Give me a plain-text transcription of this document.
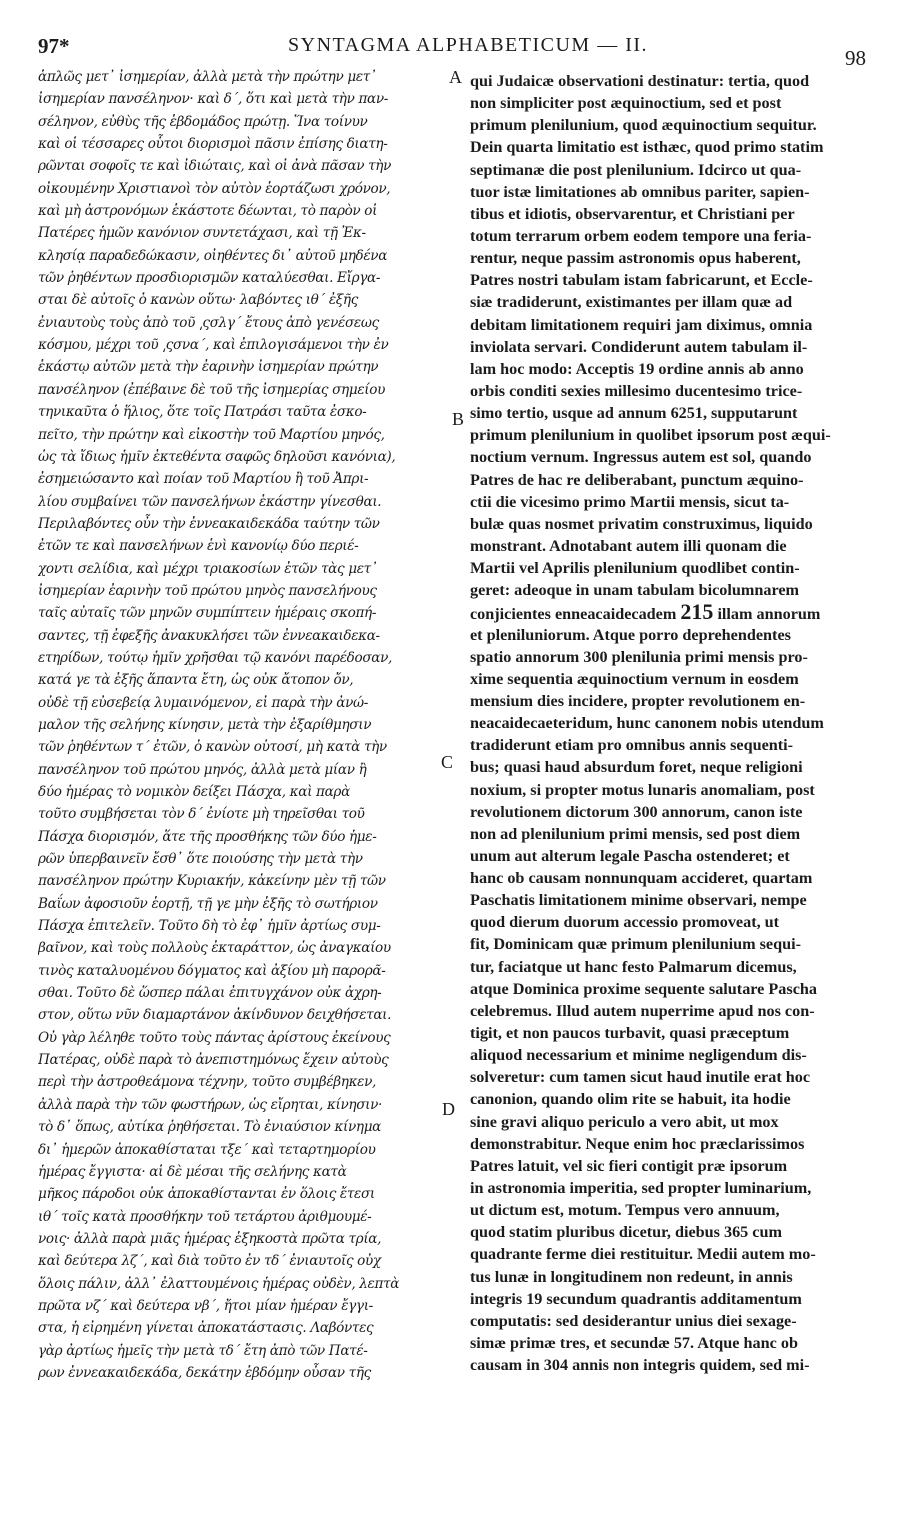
97*	SYNTAGMA ALPHABETICUM — II.
98
A
B
C
D
ἁπλῶς μετ᾽ ἰσημερίαν, ἀλλὰ μετὰ τὴν πρώτην μετ᾽
ἰσημερίαν πανσέληνον· καὶ δ΄, ὅτι καὶ μετὰ τὴν παν-
σέληνον, εὐθὺς τῆς ἑβδομάδος πρώτῃ. Ἵνα τοίνυν
καὶ οἱ τέσσαρες οὗτοι διορισμοὶ πᾶσιν ἐπίσης διατη-
ρῶνται σοφοῖς τε καὶ ἰδιώταις, καὶ οἱ ἀνὰ πᾶσαν τὴν
οἰκουμένην Χριστιανοὶ τὸν αὐτὸν ἑορτάζωσι χρόνον,
καὶ μὴ ἀστρονόμων ἑκάστοτε δέωνται, τὸ παρὸν οἱ
Πατέρες ἡμῶν κανόνιον συντετάχασι, καὶ τῇ Ἐκ-
κλησίᾳ παραδεδώκασιν, οἰηθέντες δι᾽ αὐτοῦ μηδένα
τῶν ῥηθέντων προσδιορισμῶν καταλύεσθαι. Εἴργα-
σται δὲ αὐτοῖς ὁ κανὼν οὕτω· λαβόντες ιθ΄ ἐξῆς
ἐνιαυτοὺς τοὺς ἀπὸ τοῦ ͵ςσλγ΄ ἔτους ἀπὸ γενέσεως
κόσμου, μέχρι τοῦ ͵ςσνα΄, καὶ ἐπιλογισάμενοι τὴν ἐν
ἑκάστῳ αὐτῶν μετὰ τὴν ἐαρινὴν ἰσημερίαν πρώτην
πανσέληνον (ἐπέβαινε δὲ τοῦ τῆς ἰσημερίας σημείου
τηνικαῦτα ὁ ἥλιος, ὅτε τοῖς Πατράσι ταῦτα ἐσκο-
πεῖτο, τὴν πρώτην καὶ εἰκοστὴν τοῦ Μαρτίου μηνός,
ὡς τὰ ἴδιως ἡμῖν ἐκτεθέντα σαφῶς δηλοῦσι κανόνια),
ἐσημειώσαντο καὶ ποίαν τοῦ Μαρτίου ἢ τοῦ Ἀπρι-
λίου συμβαίνει τῶν πανσελήνων ἑκάστην γίνεσθαι.
Περιλαβόντες οὖν τὴν ἐννεακαιδεκάδα ταύτην τῶν
ἐτῶν τε καὶ πανσελήνων ἑνὶ κανονίῳ δύο περιέ-
χοντι σελίδια, καὶ μέχρι τριακοσίων ἐτῶν τὰς μετ᾽
ἰσημερίαν ἐαρινὴν τοῦ πρώτου μηνὸς πανσελήνους
ταῖς αὐταῖς τῶν μηνῶν συμπίπτειν ἡμέραις σκοπή-
σαντες, τῇ ἐφεξῆς ἀνακυκλήσει τῶν ἐννεακαιδεκα-
ετηρίδων, τούτῳ ἡμῖν χρῆσθαι τῷ κανόνι παρέδοσαν,
κατά γε τὰ ἑξῆς ἅπαντα ἔτη, ὡς οὐκ ἄτοπον ὄν,
οὐδὲ τῇ εὐσεβείᾳ λυμαινόμενον, εἰ παρὰ τὴν ἀνώ-
μαλον τῆς σελήνης κίνησιν, μετὰ τὴν ἐξαρίθμησιν
τῶν ῥηθέντων τ΄ ἐτῶν, ὁ κανὼν οὑτοσί, μὴ κατὰ τὴν
πανσέληνον τοῦ πρώτου μηνός, ἀλλὰ μετὰ μίαν ἢ
δύο ἡμέρας τὸ νομικὸν δείξει Πάσχα, καὶ παρὰ
τοῦτο συμβήσεται τὸν δ΄ ἐνίοτε μὴ τηρεῖσθαι τοῦ
Πάσχα διορισμόν, ἅτε τῆς προσθήκης τῶν δύο ἡμε-
ρῶν ὑπερβαινεῖν ἔσθ᾽ ὅτε ποιούσης τὴν μετὰ τὴν
πανσέληνον πρώτην Κυριακήν, κἀκείνην μὲν τῇ τῶν
Βαΐων ἀφοσιοῦν ἑορτῇ, τῇ γε μὴν ἑξῆς τὸ σωτήριον
Πάσχα ἐπιτελεῖν. Τοῦτο δὴ τὸ ἐφ᾽ ἡμῖν ἀρτίως συμ-
βαῖνον, καὶ τοὺς πολλοὺς ἐκταράττον, ὡς ἀναγκαίου
τινὸς καταλυομένου δόγματος καὶ ἀξίου μὴ παρορᾶ-
σθαι. Τοῦτο δὲ ὥσπερ πάλαι ἐπιτυγχάνον οὐκ ἀχρη-
στον, οὕτω νῦν διαμαρτάνον ἀκίνδυνον δειχθήσεται.
Οὐ γὰρ λέληθε τοῦτο τοὺς πάντας ἀρίστους ἐκείνους
Πατέρας, οὐδὲ παρὰ τὸ ἀνεπιστημόνως ἔχειν αὐτοὺς
περὶ τὴν ἀστροθεάμονα τέχνην, τοῦτο συμβέβηκεν,
ἀλλὰ παρὰ τὴν τῶν φωστήρων, ὡς εἴρηται, κίνησιν·
τὸ δ᾽ ὅπως, αὐτίκα ῥηθήσεται. Τὸ ἐνιαύσιον κίνημα
δι᾽ ἡμερῶν ἀποκαθίσταται τξε΄ καὶ τεταρτημορίου
ἡμέρας ἔγγιστα· αἱ δὲ μέσαι τῆς σελήνης κατὰ
μῆκος πάροδοι οὐκ ἀποκαθίστανται ἐν ὅλοις ἔτεσι
ιθ΄ τοῖς κατὰ προσθήκην τοῦ τετάρτου ἀριθμουμέ-
νοις· ἀλλὰ παρὰ μιᾶς ἡμέρας ἑξηκοστὰ πρῶτα τρία,
καὶ δεύτερα λζ΄, καὶ διὰ τοῦτο ἐν τδ΄ ἐνιαυτοῖς οὐχ
ὅλοις πάλιν, ἀλλ᾽ ἐλαττουμένοις ἡμέρας οὐδὲν, λεπτὰ
πρῶτα νζ΄ καὶ δεύτερα νβ΄, ἤτοι μίαν ἡμέραν ἔγγι-
στα, ἡ εἰρημένη γίνεται ἀποκατάστασις. Λαβόντες
γὰρ ἀρτίως ἡμεῖς τὴν μετὰ τδ΄ ἔτη ἀπὸ τῶν Πατέ-
ρων ἐννεακαιδεκάδα, δεκάτην ἑβδόμην οὖσαν τῆς
qui Judaicæ observationi destinatur: tertia, quod
non simpliciter post æquinoctium, sed et post
primum plenilunium, quod æquinoctium sequitur.
Dein quarta limitatio est isthæc, quod primo statim
septimanæ die post plenilunium. Idcirco ut qua-
tuor istæ limitationes ab omnibus pariter, sapien-
tibus et idiotis, observarentur, et Christiani per
totum terrarum orbem eodem tempore una feria-
rentur, neque passim astronomis opus haberent,
Patres nostri tabulam istam fabricarunt, et Eccle-
siæ tradiderunt, existimantes per illam quæ ad
debitam limitationem requiri jam diximus, omnia
inviolata servari. Condiderunt autem tabulam il-
lam hoc modo: Acceptis 19 ordine annis ab anno
orbis conditi sexies millesimo ducentesimo trice-
simo tertio, usque ad annum 6251, supputarunt
primum plenilunium in quolibet ipsorum post æqui-
noctium vernum. Ingressus autem est sol, quando
Patres de hac re deliberabant, punctum æquino-
ctii die vicesimo primo Martii mensis, sicut ta-
bulæ quas nosmet privatim construximus, liquido
monstrant. Adnotabant autem illi quonam die
Martii vel Aprilis plenilunium quodlibet contin-
geret: adeoque in unam tabulam bicolumnarem
conjicientes enneacaidecadem 215 illam annorum
et pleniluniorum. Atque porro deprehendentes
spatio annorum 300 plenilunia primi mensis pro-
xime sequentia æquinoctium vernum in eosdem
mensium dies incidere, propter revolutionem en-
neacaidecaeteridum, hunc canonem nobis utendum
tradiderunt etiam pro omnibus annis sequenti-
bus; quasi haud absurdum foret, neque religioni
noxium, si propter motus lunaris anomaliam, post
revolutionem dictorum 300 annorum, canon iste
non ad plenilunium primi mensis, sed post diem
unum aut alterum legale Pascha ostenderet; et
hanc ob causam nonnunquam accideret, quartam
Paschatis limitationem minime observari, nempe
quod dierum duorum accessio promoveat, ut
fit, Dominicam quæ primum plenilunium sequi-
tur, faciatque ut hanc festo Palmarum dicemus,
atque Dominica proxime sequente salutare Pascha
celebremus. Illud autem nuperrime apud nos con-
tigit, et non paucos turbavit, quasi præceptum
aliquod necessarium et minime negligendum dis-
solveretur: cum tamen sicut haud inutile erat hoc
canonion, quando olim rite se habuit, ita hodie
sine gravi aliquo periculo a vero abit, ut mox
demonstrabitur. Neque enim hoc præclarissimos
Patres latuit, vel sic fieri contigit præ ipsorum
in astronomia imperitia, sed propter luminarium,
ut dictum est, motum. Tempus vero annuum,
quod statim pluribus dicetur, diebus 365 cum
quadrante ferme diei restituitur. Medii autem mo-
tus lunæ in longitudinem non redeunt, in annis
integris 19 secundum quadrantis additamentum
computatis: sed desiderantur unius diei sexage-
simæ primæ tres, et secundæ 57. Atque hanc ob
causam in 304 annis non integris quidem, sed mi-
